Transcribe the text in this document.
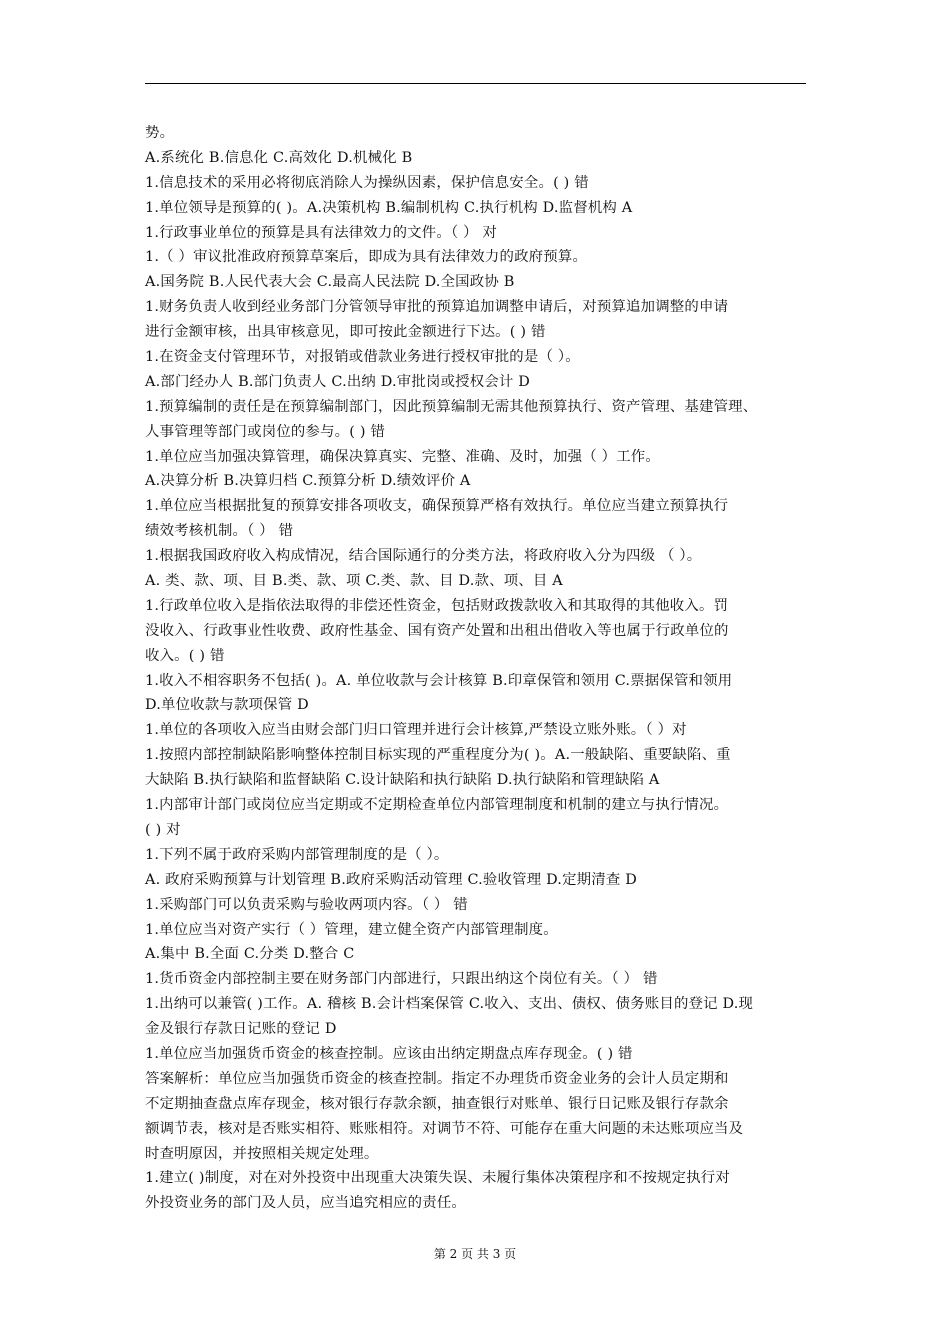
势。

A.系统化 B.信息化 C.高效化 D.机械化 B

1.信息技术的采用必将彻底消除人为操纵因素，保护信息安全。( ) 错

1.单位领导是预算的( )。A.决策机构 B.编制机构 C.执行机构 D.监督机构 A

1.行政事业单位的预算是具有法律效力的文件。（ ） 对

1.（ ）审议批准政府预算草案后，即成为具有法律效力的政府预算。

A.国务院 B.人民代表大会 C.最高人民法院 D.全国政协 B

1.财务负责人收到经业务部门分管领导审批的预算追加调整申请后，对预算追加调整的申请

进行金额审核，出具审核意见，即可按此金额进行下达。( ) 错

1.在资金支付管理环节，对报销或借款业务进行授权审批的是（ ）。

A.部门经办人 B.部门负责人 C.出纳 D.审批岗或授权会计 D

1.预算编制的责任是在预算编制部门，因此预算编制无需其他预算执行、资产管理、基建管理、

人事管理等部门或岗位的参与。( ) 错

1.单位应当加强决算管理，确保决算真实、完整、准确、及时，加强（ ）工作。

A.决算分析 B.决算归档 C.预算分析 D.绩效评价 A

1.单位应当根据批复的预算安排各项收支，确保预算严格有效执行。单位应当建立预算执行

绩效考核机制。（ ） 错

1.根据我国政府收入构成情况，结合国际通行的分类方法，将政府收入分为四级 （ ）。

A. 类、款、项、目 B.类、款、项 C.类、款、目 D.款、项、目 A

1.行政单位收入是指依法取得的非偿还性资金，包括财政拨款收入和其取得的其他收入。罚

没收入、行政事业性收费、政府性基金、国有资产处置和出租出借收入等也属于行政单位的

收入。( ) 错

1.收入不相容职务不包括( )。A. 单位收款与会计核算 B.印章保管和领用 C.票据保管和领用

D.单位收款与款项保管 D

1.单位的各项收入应当由财会部门归口管理并进行会计核算,严禁设立账外账。（ ）对

1.按照内部控制缺陷影响整体控制目标实现的严重程度分为( )。A.一般缺陷、重要缺陷、重

大缺陷 B.执行缺陷和监督缺陷 C.设计缺陷和执行缺陷 D.执行缺陷和管理缺陷 A

1.内部审计部门或岗位应当定期或不定期检查单位内部管理制度和机制的建立与执行情况。

( ) 对

1.下列不属于政府采购内部管理制度的是（ ）。

A. 政府采购预算与计划管理 B.政府采购活动管理 C.验收管理 D.定期清查 D

1.采购部门可以负责采购与验收两项内容。（ ） 错

1.单位应当对资产实行（ ）管理，建立健全资产内部管理制度。

A.集中 B.全面 C.分类 D.整合 C

1.货币资金内部控制主要在财务部门内部进行，只跟出纳这个岗位有关。（ ） 错

1.出纳可以兼管( )工作。A. 稽核 B.会计档案保管 C.收入、支出、债权、债务账目的登记 D.现

金及银行存款日记账的登记 D

1.单位应当加强货币资金的核查控制。应该由出纳定期盘点库存现金。( ) 错

答案解析：单位应当加强货币资金的核查控制。指定不办理货币资金业务的会计人员定期和

不定期抽查盘点库存现金，核对银行存款余额，抽查银行对账单、银行日记账及银行存款余

额调节表，核对是否账实相符、账账相符。对调节不符、可能存在重大问题的未达账项应当及

时查明原因，并按照相关规定处理。

1.建立( )制度，对在对外投资中出现重大决策失误、未履行集体决策程序和不按规定执行对

外投资业务的部门及人员，应当追究相应的责任。

第 2 页 共 3 页
